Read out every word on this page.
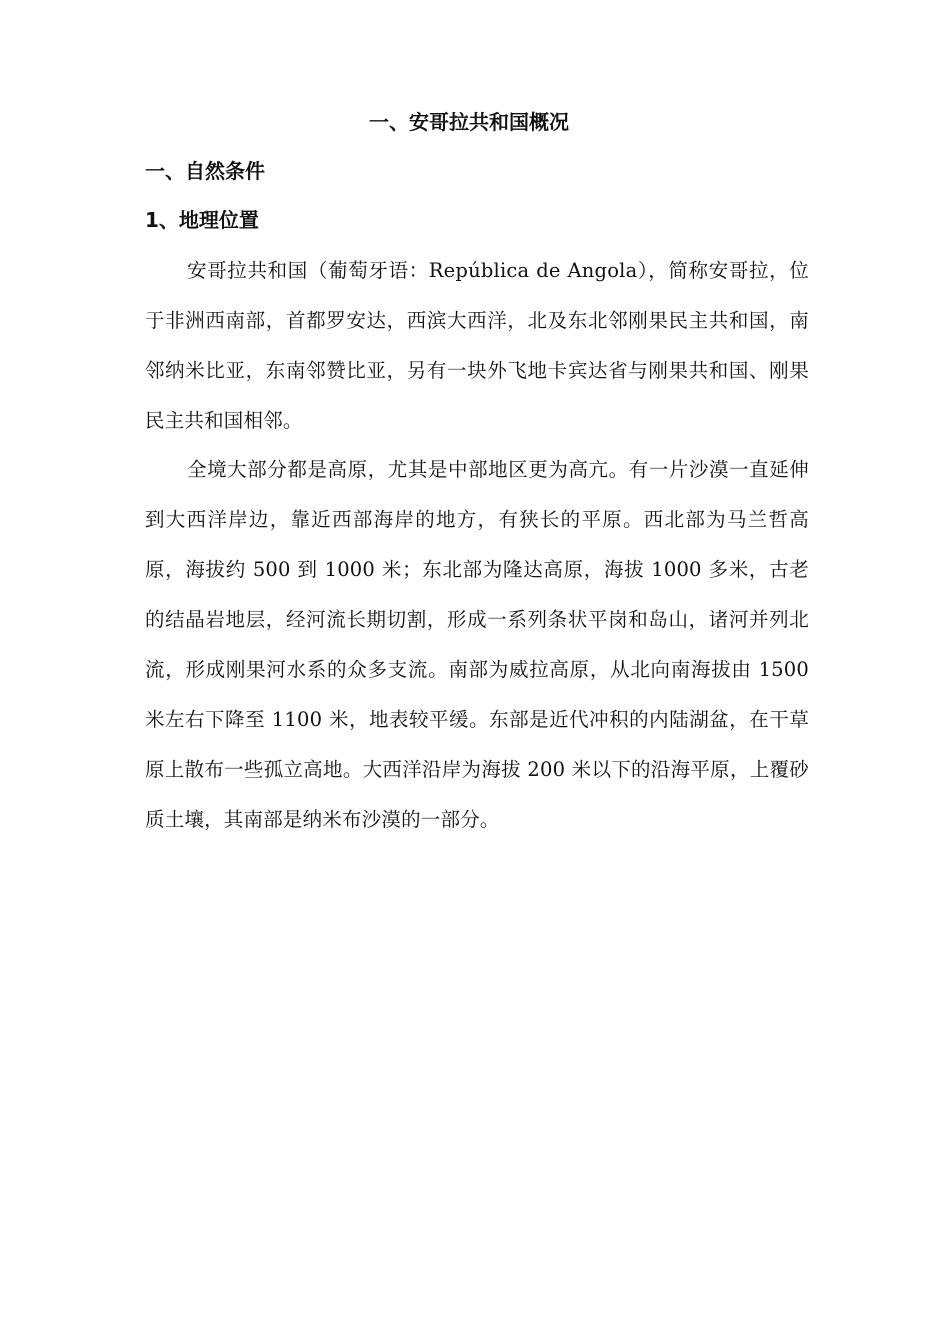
一、安哥拉共和国概况
一、自然条件
1、地理位置

安哥拉共和国（葡萄牙语：República de Angola），简称安哥拉，位于非洲西南部，首都罗安达，西滨大西洋，北及东北邻刚果民主共和国，南邻纳米比亚，东南邻赞比亚，另有一块外飞地卡宾达省与刚果共和国、刚果民主共和国相邻。

全境大部分都是高原，尤其是中部地区更为高亢。有一片沙漠一直延伸到大西洋岸边，靠近西部海岸的地方，有狭长的平原。西北部为马兰哲高原，海拔约 500 到 1000 米；东北部为隆达高原，海拔 1000 多米，古老的结晶岩地层，经河流长期切割，形成一系列条状平岗和岛山，诸河并列北流，形成刚果河水系的众多支流。南部为威拉高原，从北向南海拔由 1500 米左右下降至 1100 米，地表较平缓。东部是近代冲积的内陆湖盆，在干草原上散布一些孤立高地。大西洋沿岸为海拔 200 米以下的沿海平原，上覆砂质土壤，其南部是纳米布沙漠的一部分。
